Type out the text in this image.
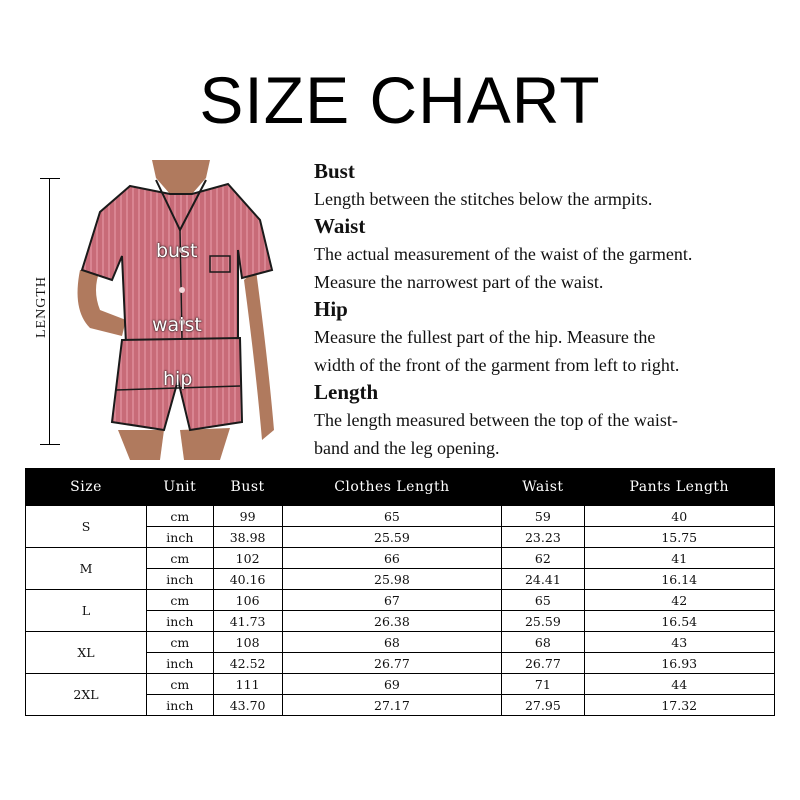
SIZE CHART
LENGTH
bust
waist
hip
Bust
Length between the stitches below the armpits.
Waist
The actual measurement of the waist of the garment.
Measure the narrowest part of the waist.
Hip
Measure the fullest part of the hip. Measure the
width of the front of the garment from left to right.
Length
The length measured between the top of the waist-
band and the leg opening.
Size	Unit	Bust	Clothes Length	Waist	Pants Length
S	cm	99	65	59	40
	inch	38.98	25.59	23.23	15.75
M	cm	102	66	62	41
	inch	40.16	25.98	24.41	16.14
L	cm	106	67	65	42
	inch	41.73	26.38	25.59	16.54
XL	cm	108	68	68	43
	inch	42.52	26.77	26.77	16.93
2XL	cm	111	69	71	44
	inch	43.70	27.17	27.95	17.32
